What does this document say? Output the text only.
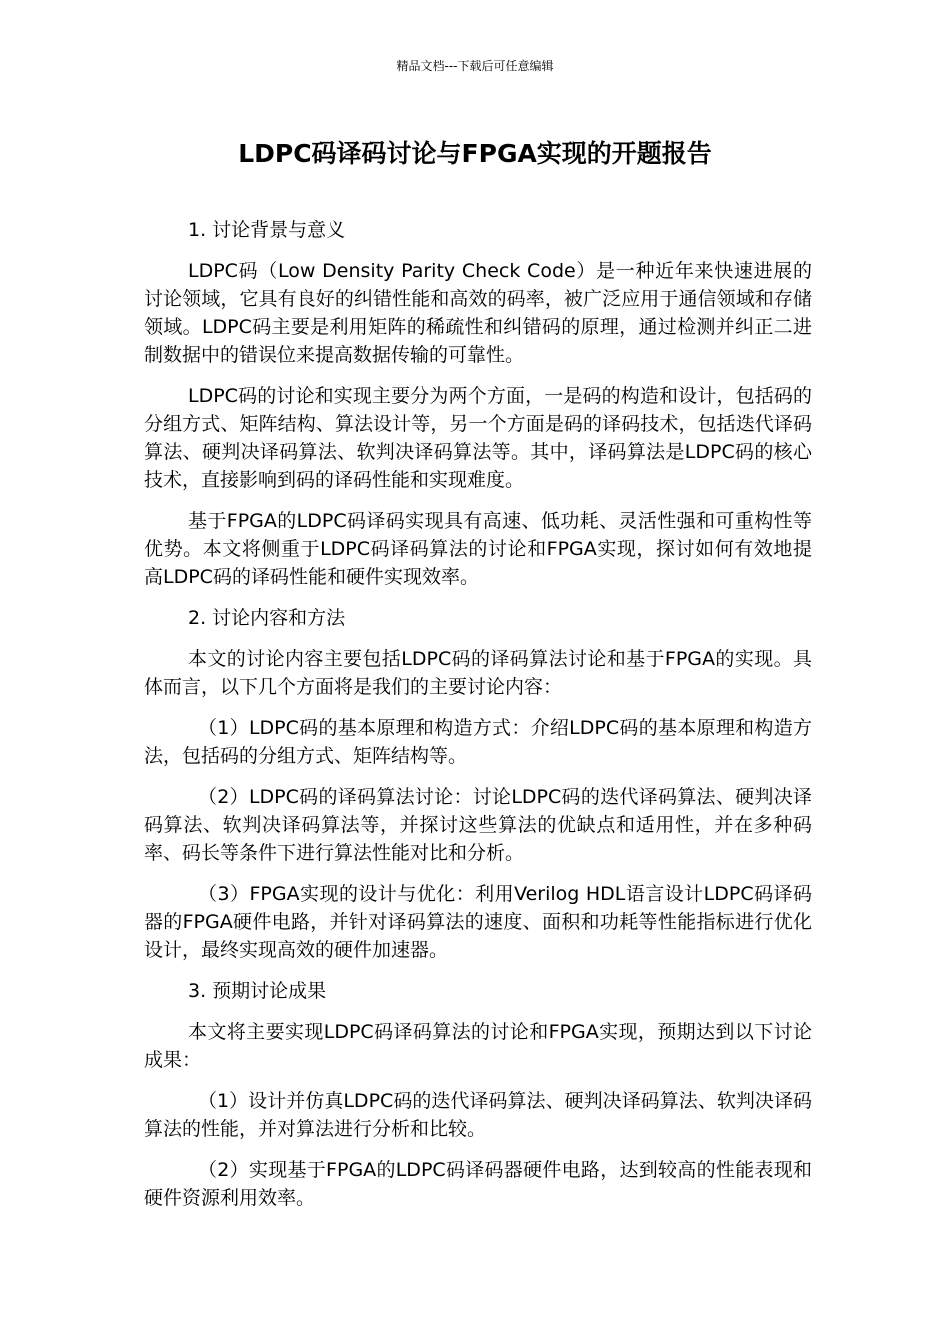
精品文档---下载后可任意编辑
LDPC码译码讨论与FPGA实现的开题报告

1. 讨论背景与意义

LDPC码（Low Density Parity Check Code）是一种近年来快速进展的讨论领域，它具有良好的纠错性能和高效的码率，被广泛应用于通信领域和存储领域。LDPC码主要是利用矩阵的稀疏性和纠错码的原理，通过检测并纠正二进制数据中的错误位来提高数据传输的可靠性。

LDPC码的讨论和实现主要分为两个方面，一是码的构造和设计，包括码的分组方式、矩阵结构、算法设计等，另一个方面是码的译码技术，包括迭代译码算法、硬判决译码算法、软判决译码算法等。其中，译码算法是LDPC码的核心技术，直接影响到码的译码性能和实现难度。

基于FPGA的LDPC码译码实现具有高速、低功耗、灵活性强和可重构性等优势。本文将侧重于LDPC码译码算法的讨论和FPGA实现，探讨如何有效地提高LDPC码的译码性能和硬件实现效率。

2. 讨论内容和方法

本文的讨论内容主要包括LDPC码的译码算法讨论和基于FPGA的实现。具体而言，以下几个方面将是我们的主要讨论内容：

（1）LDPC码的基本原理和构造方式：介绍LDPC码的基本原理和构造方法，包括码的分组方式、矩阵结构等。

（2）LDPC码的译码算法讨论：讨论LDPC码的迭代译码算法、硬判决译码算法、软判决译码算法等，并探讨这些算法的优缺点和适用性，并在多种码率、码长等条件下进行算法性能对比和分析。

（3）FPGA实现的设计与优化：利用Verilog HDL语言设计LDPC码译码器的FPGA硬件电路，并针对译码算法的速度、面积和功耗等性能指标进行优化设计，最终实现高效的硬件加速器。

3. 预期讨论成果

本文将主要实现LDPC码译码算法的讨论和FPGA实现，预期达到以下讨论成果：

（1）设计并仿真LDPC码的迭代译码算法、硬判决译码算法、软判决译码算法的性能，并对算法进行分析和比较。

（2）实现基于FPGA的LDPC码译码器硬件电路，达到较高的性能表现和硬件资源利用效率。
